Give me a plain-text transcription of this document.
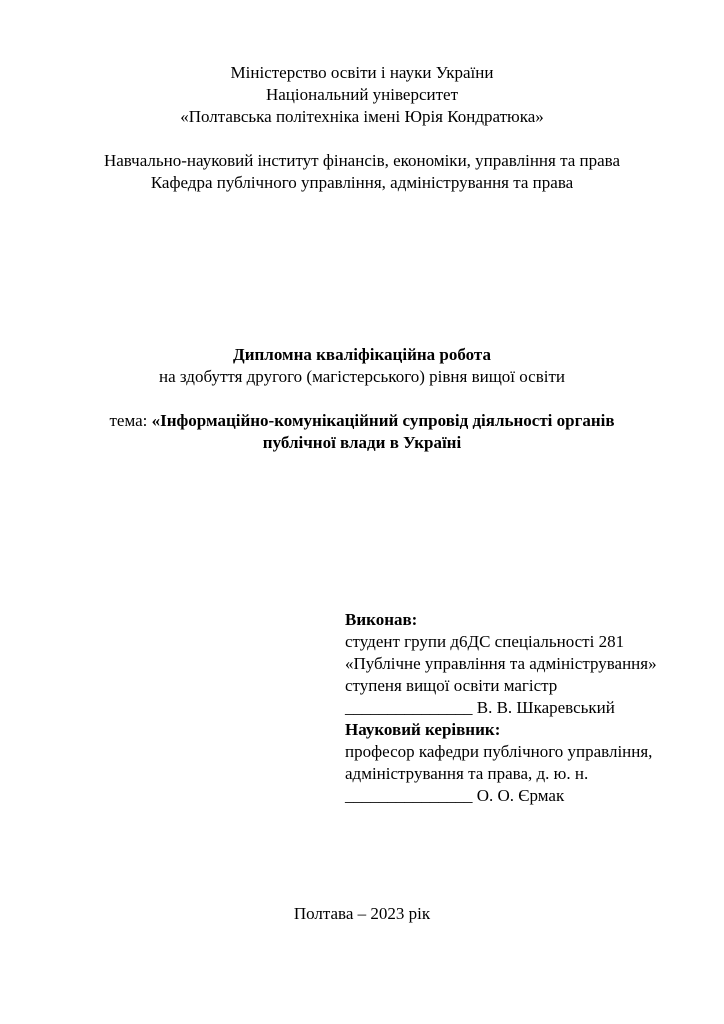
Міністерство освіти і науки України
Національний університет
«Полтавська політехніка імені Юрія Кондратюка»
Навчально-науковий інститут фінансів, економіки, управління та права
Кафедра публічного управління, адміністрування та права
Дипломна кваліфікаційна робота
на здобуття другого (магістерського) рівня вищої освіти
тема: «Інформаційно-комунікаційний супровід діяльності органів
публічної влади в Україні
Виконав:
студент групи д6ДС спеціальності 281
«Публічне управління та адміністрування»
ступеня вищої освіти магістр
_______________ В. В. Шкаревський
Науковий керівник:
професор кафедри публічного управління,
адміністрування та права, д. ю. н.
_______________ О. О. Єрмак
Полтава – 2023 рік
